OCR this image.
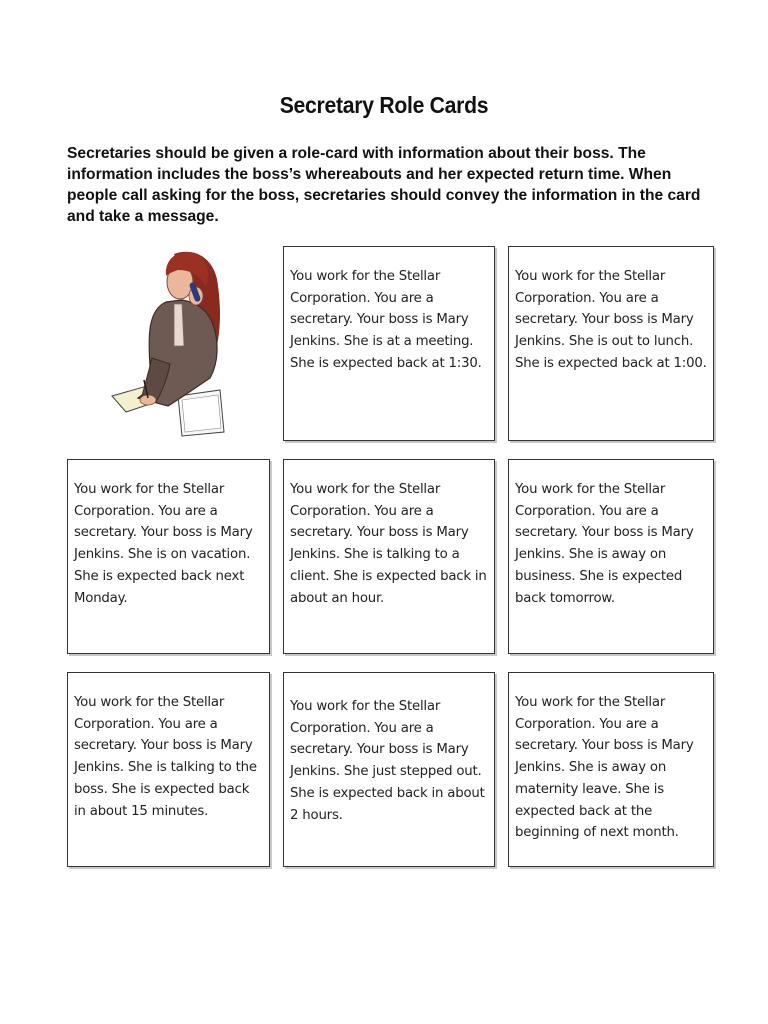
Secretary Role Cards
Secretaries should be given a role-card with information about their boss. The information includes the boss’s whereabouts and her expected return time. When people call asking for the boss, secretaries should convey the information in the card and take a message.
You work for the Stellar Corporation. You are a secretary. Your boss is Mary Jenkins. She is at a meeting. She is expected back at 1:30.
You work for the Stellar Corporation. You are a secretary. Your boss is Mary Jenkins. She is out to lunch. She is expected back at 1:00.
You work for the Stellar Corporation. You are a secretary. Your boss is Mary Jenkins. She is on vacation. She is expected back next Monday.
You work for the Stellar Corporation. You are a secretary. Your boss is Mary Jenkins. She is talking to a client. She is expected back in about an hour.
You work for the Stellar Corporation. You are a secretary. Your boss is Mary Jenkins. She is away on business. She is expected back tomorrow.
You work for the Stellar Corporation. You are a secretary. Your boss is Mary Jenkins. She is talking to the boss. She is expected back in about 15 minutes.
You work for the Stellar Corporation. You are a secretary. Your boss is Mary Jenkins. She just stepped out. She is expected back in about 2 hours.
You work for the Stellar Corporation. You are a secretary. Your boss is Mary Jenkins. She is away on maternity leave. She is expected back at the beginning of next month.
